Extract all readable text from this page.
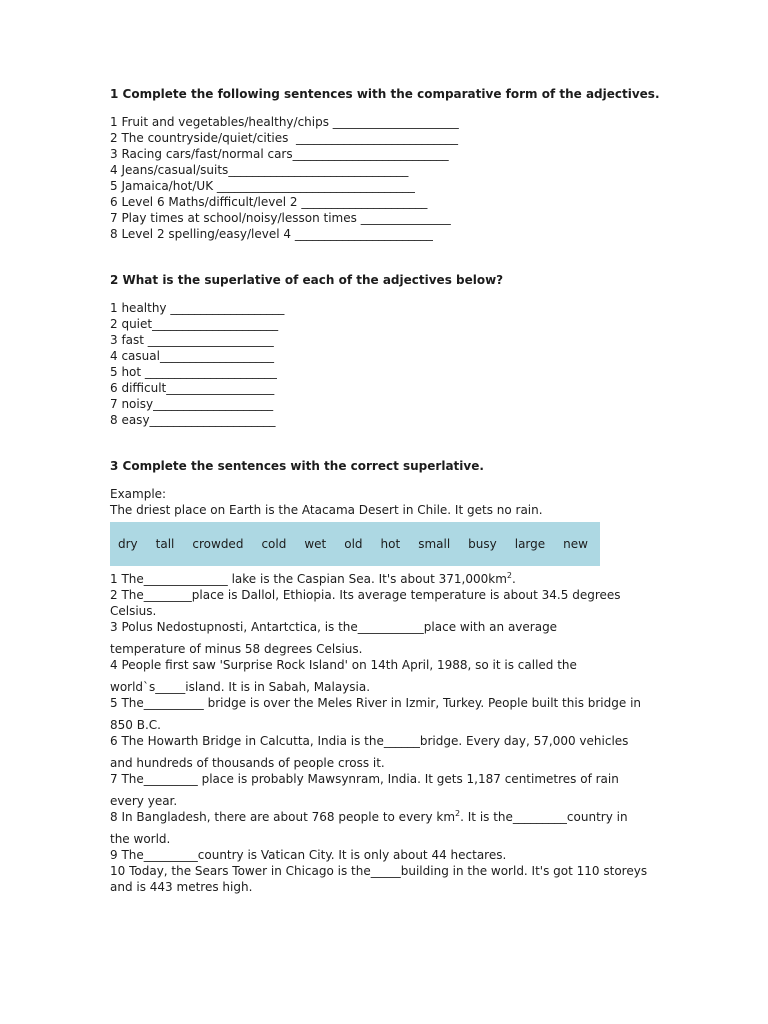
1 Complete the following sentences with the comparative form of the adjectives.

1 Fruit and vegetables/healthy/chips _____________________

2 The countryside/quiet/cities  ___________________________

3 Racing cars/fast/normal cars__________________________

4 Jeans/casual/suits______________________________

5 Jamaica/hot/UK _________________________________

6 Level 6 Maths/difficult/level 2 _____________________

7 Play times at school/noisy/lesson times _______________

8 Level 2 spelling/easy/level 4 _______________________

2 What is the superlative of each of the adjectives below?

1 healthy ___________________

2 quiet_____________________

3 fast _____________________

4 casual___________________

5 hot ______________________

6 difficult__________________

7 noisy____________________

8 easy_____________________

3 Complete the sentences with the correct superlative.

Example:

The driest place on Earth is the Atacama Desert in Chile. It gets no rain.

dry tall crowded cold wet old hot small busy large new

1 The______________ lake is the Caspian Sea. It's about $371,000km^2$.

2 The________place is Dallol, Ethiopia. Its average temperature is about 34.5 degrees

Celsius.

3 Polus Nedostupnosti, Antartctica, is the___________place with an average

temperature of minus 58 degrees Celsius.

4 People first saw 'Surprise Rock Island' on 14th April, 1988, so it is called the

world`s_____island. It is in Sabah, Malaysia.

5 The__________ bridge is over the Meles River in Izmir, Turkey. People built this bridge in

850 B.C.

6 The Howarth Bridge in Calcutta, India is the______bridge. Every day, 57,000 vehicles

and hundreds of thousands of people cross it.

7 The_________ place is probably Mawsynram, India. It gets 1,187 centimetres of rain

every year.

8 In Bangladesh, there are about 768 people to every $km^2$. It is the_________country in

the world.

9 The_________country is Vatican City. It is only about 44 hectares.

10 Today, the Sears Tower in Chicago is the_____building in the world. It's got 110 storeys

and is 443 metres high.
